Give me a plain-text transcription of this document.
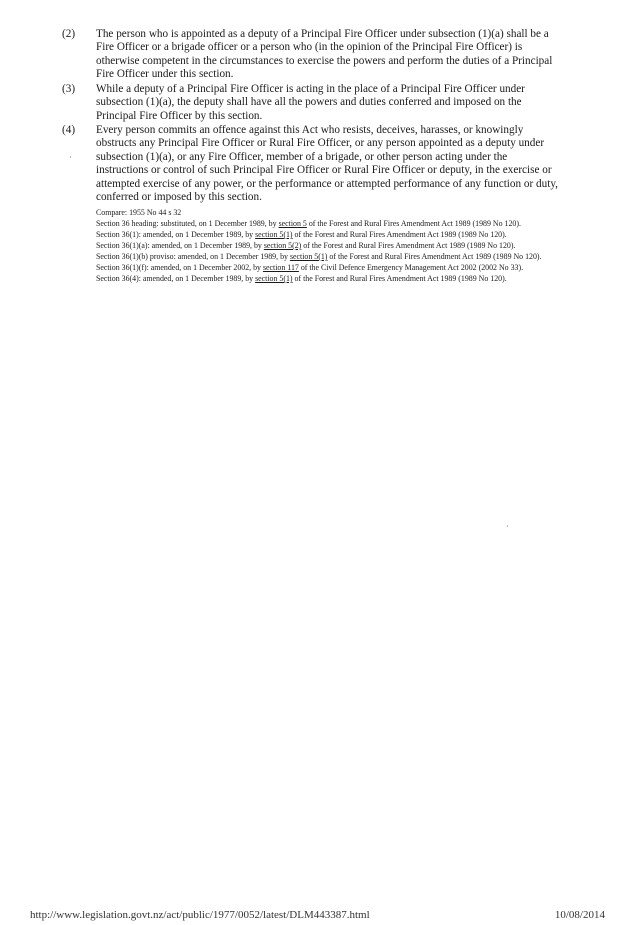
(2)	The person who is appointed as a deputy of a Principal Fire Officer under subsection (1)(a) shall be a Fire Officer or a brigade officer or a person who (in the opinion of the Principal Fire Officer) is otherwise competent in the circumstances to exercise the powers and perform the duties of a Principal Fire Officer under this section.
(3)	While a deputy of a Principal Fire Officer is acting in the place of a Principal Fire Officer under subsection (1)(a), the deputy shall have all the powers and duties conferred and imposed on the Principal Fire Officer by this section.
(4)	Every person commits an offence against this Act who resists, deceives, harasses, or knowingly obstructs any Principal Fire Officer or Rural Fire Officer, or any person appointed as a deputy under subsection (1)(a), or any Fire Officer, member of a brigade, or other person acting under the instructions or control of such Principal Fire Officer or Rural Fire Officer or deputy, in the exercise or attempted exercise of any power, or the performance or attempted performance of any function or duty, conferred or imposed by this section.
Compare: 1955 No 44 s 32
Section 36 heading: substituted, on 1 December 1989, by section 5 of the Forest and Rural Fires Amendment Act 1989 (1989 No 120).
Section 36(1): amended, on 1 December 1989, by section 5(1) of the Forest and Rural Fires Amendment Act 1989 (1989 No 120).
Section 36(1)(a): amended, on 1 December 1989, by section 5(2) of the Forest and Rural Fires Amendment Act 1989 (1989 No 120).
Section 36(1)(b) proviso: amended, on 1 December 1989, by section 5(1) of the Forest and Rural Fires Amendment Act 1989 (1989 No 120).
Section 36(1)(f): amended, on 1 December 2002, by section 117 of the Civil Defence Emergency Management Act 2002 (2002 No 33).
Section 36(4): amended, on 1 December 1989, by section 5(1) of the Forest and Rural Fires Amendment Act 1989 (1989 No 120).
·
·
http://www.legislation.govt.nz/act/public/1977/0052/latest/DLM443387.html	10/08/2014
